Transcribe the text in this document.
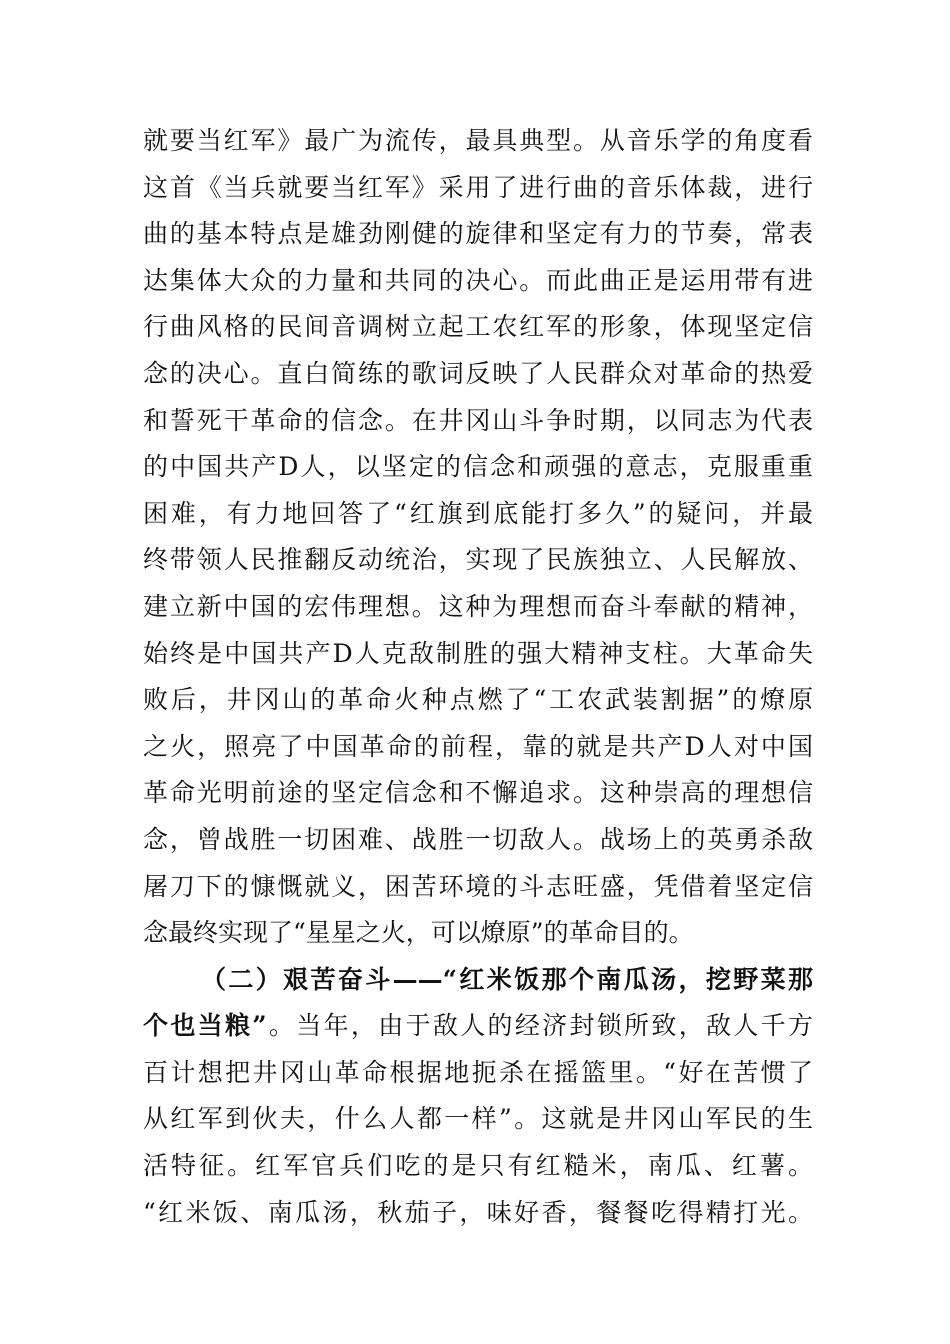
就要当红军》最广为流传，最具典型。从音乐学的角度看
这首《当兵就要当红军》采用了进行曲的音乐体裁，进行
曲的基本特点是雄劲刚健的旋律和坚定有力的节奏，常表
达集体大众的力量和共同的决心。而此曲正是运用带有进
行曲风格的民间音调树立起工农红军的形象，体现坚定信
念的决心。直白简练的歌词反映了人民群众对革命的热爱
和誓死干革命的信念。在井冈山斗争时期，以同志为代表
的中国共产D人，以坚定的信念和顽强的意志，克服重重
困难，有力地回答了“红旗到底能打多久”的疑问，并最
终带领人民推翻反动统治，实现了民族独立、人民解放、
建立新中国的宏伟理想。这种为理想而奋斗奉献的精神，
始终是中国共产D人克敌制胜的强大精神支柱。大革命失
败后，井冈山的革命火种点燃了“工农武装割据”的燎原
之火，照亮了中国革命的前程，靠的就是共产D人对中国
革命光明前途的坚定信念和不懈追求。这种崇高的理想信
念，曾战胜一切困难、战胜一切敌人。战场上的英勇杀敌
屠刀下的慷慨就义，困苦环境的斗志旺盛，凭借着坚定信
念最终实现了“星星之火，可以燎原”的革命目的。
（二）艰苦奋斗——“红米饭那个南瓜汤，挖野菜那
个也当粮”。当年，由于敌人的经济封锁所致，敌人千方
百计想把井冈山革命根据地扼杀在摇篮里。“好在苦惯了
从红军到伙夫，什么人都一样”。这就是井冈山军民的生
活特征。红军官兵们吃的是只有红糙米，南瓜、红薯。
“红米饭、南瓜汤，秋茄子，味好香，餐餐吃得精打光。
